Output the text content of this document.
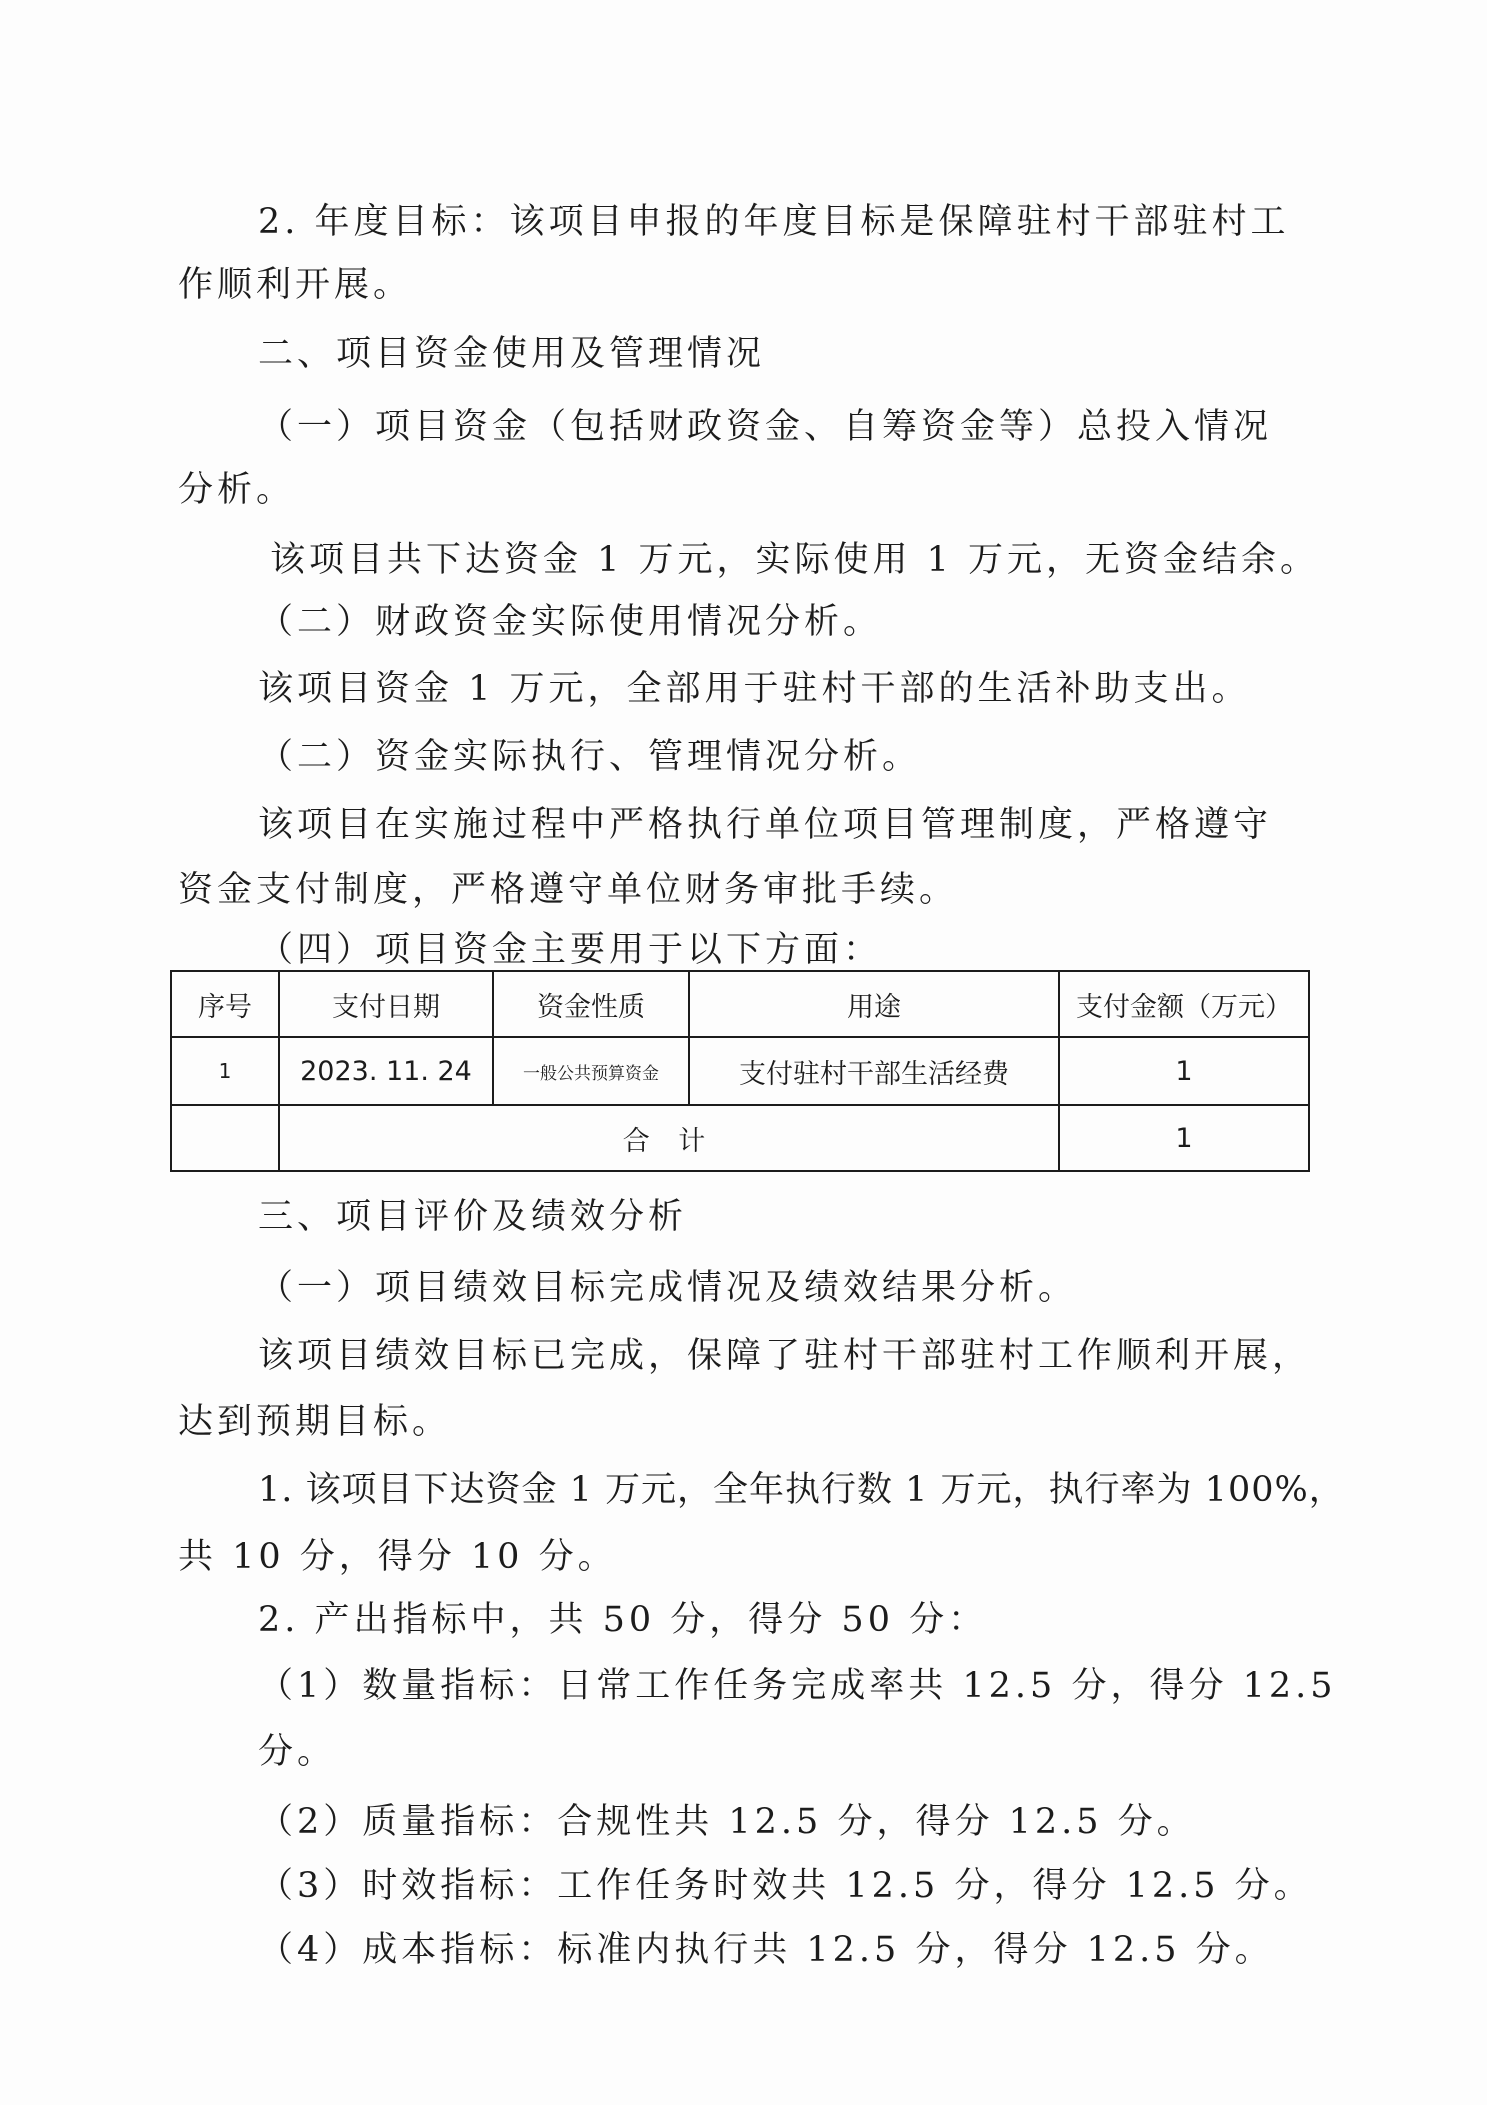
2. 年度目标：该项目申报的年度目标是保障驻村干部驻村工
作顺利开展。
二、项目资金使用及管理情况
（一）项目资金（包括财政资金、自筹资金等）总投入情况
分析。
该项目共下达资金 1 万元，实际使用 1 万元，无资金结余。
（二）财政资金实际使用情况分析。
该项目资金 1 万元，全部用于驻村干部的生活补助支出。
（二）资金实际执行、管理情况分析。
该项目在实施过程中严格执行单位项目管理制度，严格遵守
资金支付制度，严格遵守单位财务审批手续。
（四）项目资金主要用于以下方面：
序号	支付日期	资金性质	用途	支付金额（万元）
1	2023. 11. 24	一般公共预算资金	支付驻村干部生活经费	1
	合 计			1
三、项目评价及绩效分析
（一）项目绩效目标完成情况及绩效结果分析。
该项目绩效目标已完成，保障了驻村干部驻村工作顺利开展，
达到预期目标。
1. 该项目下达资金 1 万元，全年执行数 1 万元，执行率为 100%，
共 10 分，得分 10 分。
2. 产出指标中，共 50 分，得分 50 分：
（1）数量指标：日常工作任务完成率共 12.5 分，得分 12.5
分。
（2）质量指标：合规性共 12.5 分，得分 12.5 分。
（3）时效指标：工作任务时效共 12.5 分，得分 12.5 分。
（4）成本指标：标准内执行共 12.5 分，得分 12.5 分。
